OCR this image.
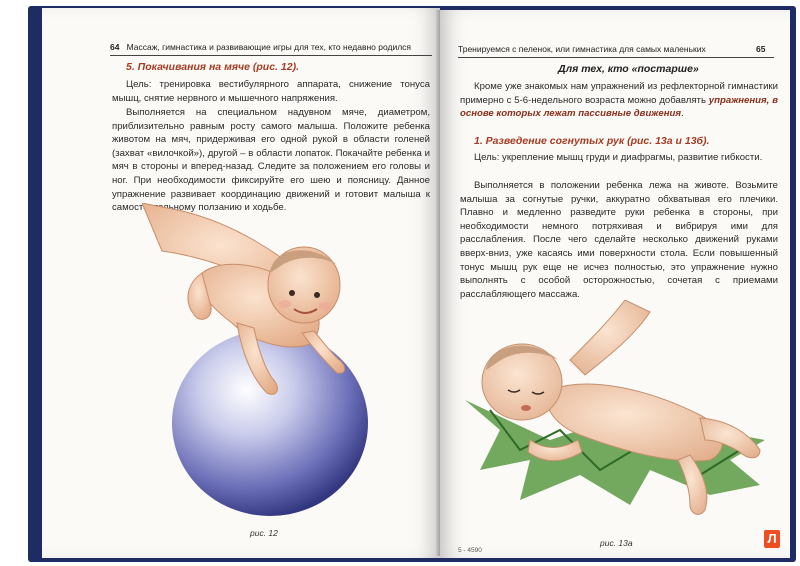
64 Массаж, гимнастика и развивающие игры для тех, кто недавно родился
5. Покачивания на мяче (рис. 12).

Цель: тренировка вестибулярного аппарата, снижение тонуса мышц, снятие нервного и мышечного напряжения.

Выполняется на специальном надувном мяче, диаметром, приблизительно равным росту самого малыша. Положите ребенка животом на мяч, придерживая его одной рукой в области голеней (захват «вилочкой»), другой – в области лопаток. Покачайте ребенка и мяч в стороны и вперед-назад. Следите за положением его головы и ног. При необходимости фиксируйте его шею и поясницу. Данное упражнение развивает координацию движений и готовит малыша к самостоятельному ползанию и ходьбе.

рис. 12
Тренируемся с пеленок, или гимнастика для самых маленьких	65
Для тех, кто «постарше»

Кроме уже знакомых нам упражнений из рефлекторной гимнастики примерно с 5-6-недельного возраста можно добавлять упражнения, в основе которых лежат пассивные движения.

1. Разведение согнутых рук (рис. 13а и 13б).

Цель: укрепление мышц груди и диафрагмы, развитие гибкости.

Выполняется в положении ребенка лежа на животе. Возьмите малыша за согнутые ручки, аккуратно обхватывая его плечики. Плавно и медленно разведите руки ребенка в стороны, при необходимости немного потряхивая и вибрируя ими для расслабления. После чего сделайте несколько движений руками вверх-вниз, уже касаясь ими поверхности стола. Если повышенный тонус мышц рук еще не исчез полностью, это упражнение нужно выполнять с особой осторожностью, сочетая с приемами расслабляющего массажа.

рис. 13а
5 - 4590
Л
